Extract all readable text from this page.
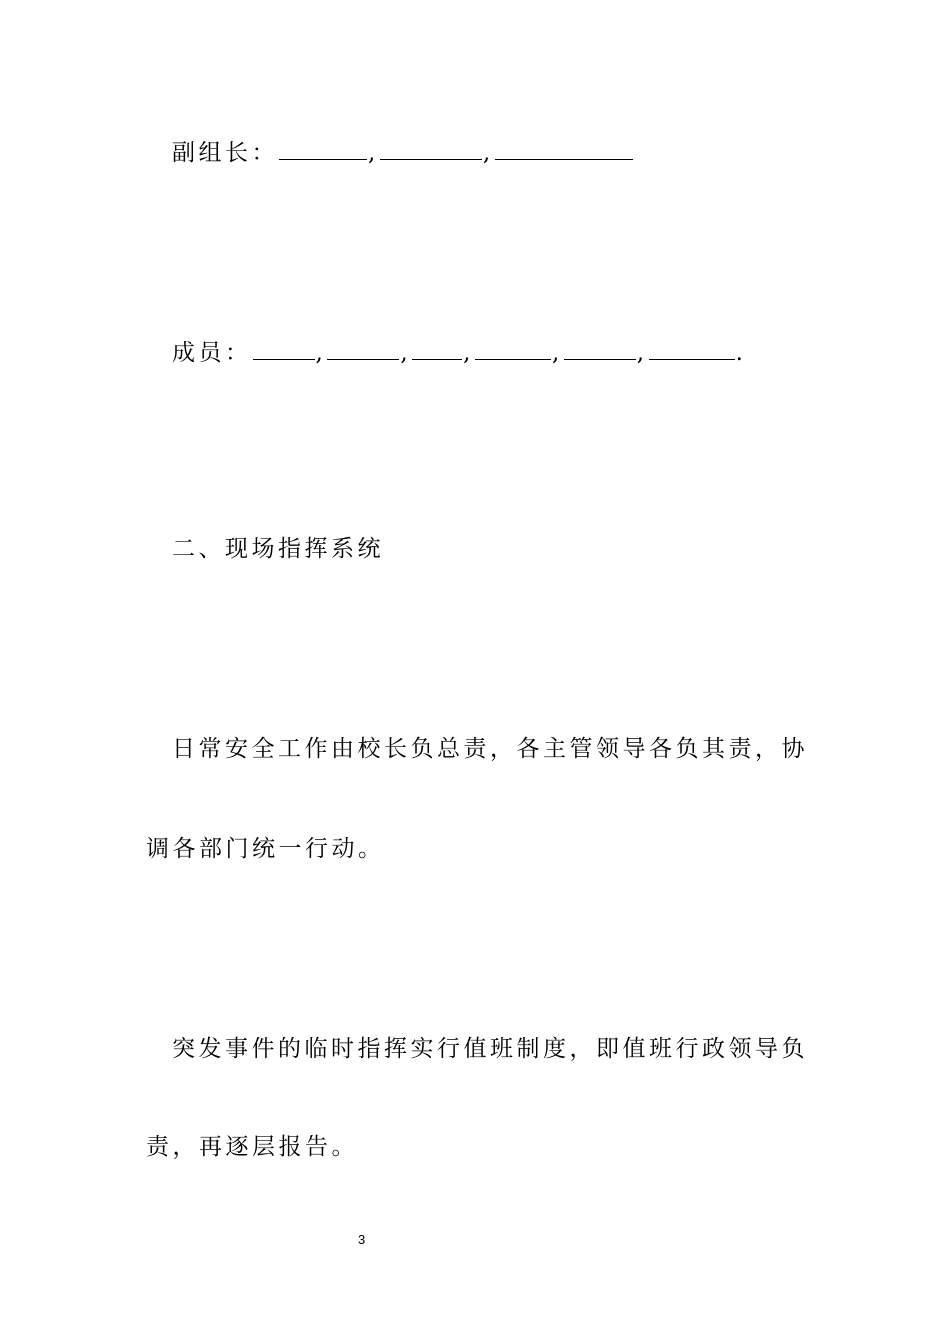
副组长：	,	,
成员：	,	, ,	,	,	.
二、现场指挥系统
日常安全工作由校长负总责，各主管领导各负其责，协
调各部门统一行动。
突发事件的临时指挥实行值班制度，即值班行政领导负
责，再逐层报告。
3
